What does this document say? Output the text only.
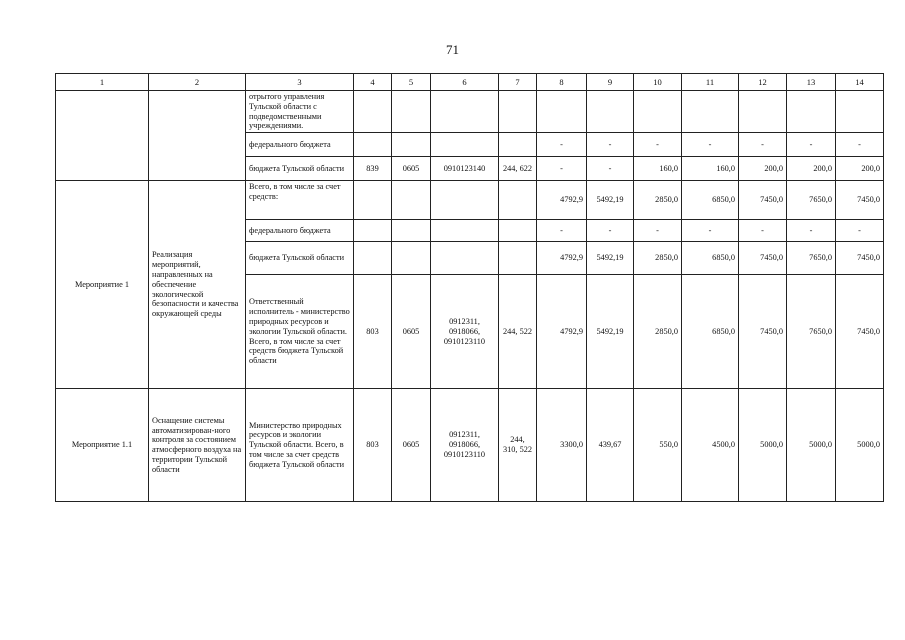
71
1	2	3	4	5	6	7	8	9	10	11	12	13	14
		отрытого управления Тульской области с подведомственными учреждениями.											
		федерального бюджета					-	-	-	-	-	-	-
		бюджета Тульской области	839	0605	0910123140	244, 622	-	-	160,0	160,0	200,0	200,0	200,0
Мероприятие 1	Реализация мероприятий, направленных на обеспечение экологической безопасности и качества окружающей среды	Всего, в том числе за счет средств:					4792,9	5492,19	2850,0	6850,0	7450,0	7650,0	7450,0
		федерального бюджета					-	-	-	-	-	-	-
		бюджета Тульской области					4792,9	5492,19	2850,0	6850,0	7450,0	7650,0	7450,0
		Ответственный исполнитель - министерство природных ресурсов и экологии Тульской области. Всего, в том числе за счет средств бюджета Тульской области	803	0605	0912311, 0918066, 0910123110	244, 522	4792,9	5492,19	2850,0	6850,0	7450,0	7650,0	7450,0
Мероприятие 1.1	Оснащение системы автоматизирован-ного контроля за состоянием атмосферного воздуха на территории Тульской области	Министерство природных ресурсов и экологии Тульской области. Всего, в том числе за счет средств бюджета Тульской области	803	0605	0912311, 0918066, 0910123110	244, 310, 522	3300,0	439,67	550,0	4500,0	5000,0	5000,0	5000,0
